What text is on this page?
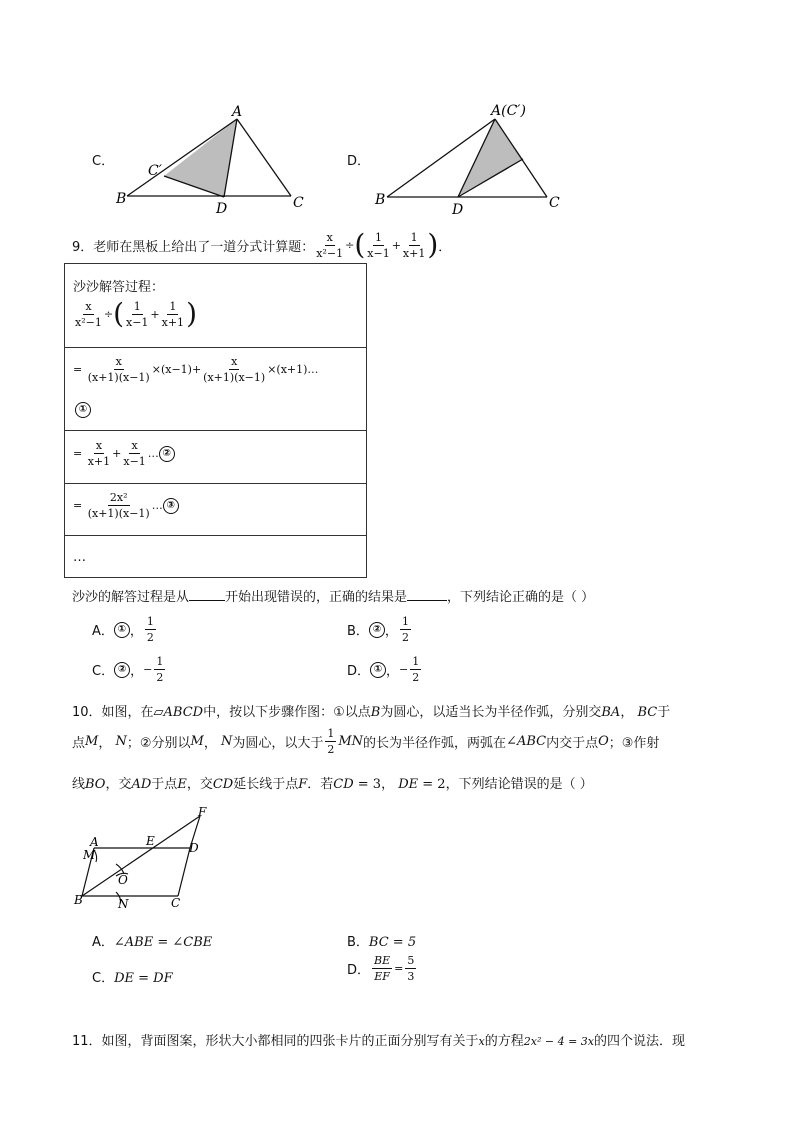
C．
A
B	C
D
C′
D．
A(C′)
B	C
D
9．老师在黑板上给出了一道分式计算题： $\frac{x}{\text{x²−1}}$ ÷ ( $\frac{1}{x-1} + \frac{1}{x+1}$ ) ．
沙沙解答过程：
$\frac{x}{\text{x²−1}}$ ÷ ( $\frac{1}{x-1} + \frac{1}{x+1}$ )
= $\frac{x}{(x+1)(x-1)} \times(x-1)+ \frac{x}{(x+1)(x-1)}$ ×(x+1)…
①
= $\frac{x}{x+1} + \frac{x}{x-1}$ … ②
= $\frac{\text{2x²}}{(x+1)(x-1)}$ … ③
…
沙沙的解答过程是从	开始出现错误的，正确的结果是	，下列结论正确的是（ ）
A． ① ， $\frac{1}{2}$	B． ② ， $\frac{1}{2}$
C． ② ， − $\frac{1}{2}$	D． ① ， − $\frac{1}{2}$
10．如图，在▱ABCD中，按以下步骤作图：①以点B为圆心，以适当长为半径作弧，分别交BA， BC于
点 M ， N ；②分别以 M ， N 为圆心，以大于 $\frac{1}{2}$ MN 的长为半径作弧，两弧在 ∠ ABC 内交于点 O ；③作射
线BO，交AD于点E，交CD延长线于点F．若CD = 3， DE = 2，下列结论错误的是（ ）
A
M
O
B	N	C
D
E
F
A．∠ABE = ∠CBE	B．BC = 5
C．DE = DF
D． $\frac{BE}{EF} = \frac{5}{3}$
11．如图，背面图案，形状大小都相同的四张卡片的正面分别写有关于x的方程2x² − 4 = 3x的四个说法．现
